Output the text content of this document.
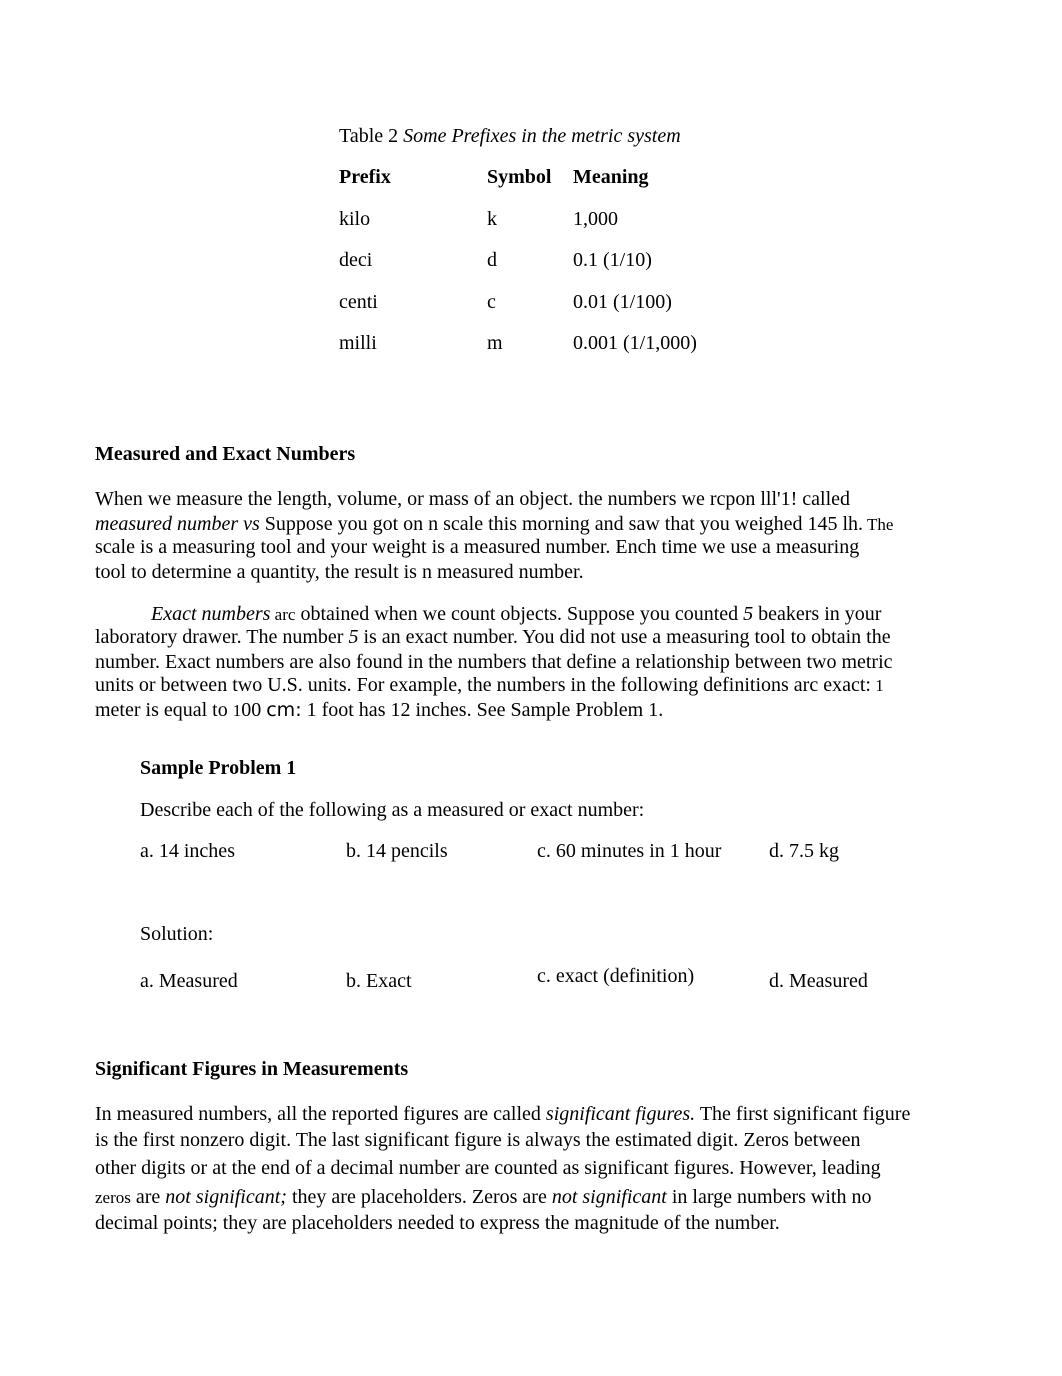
Table 2 Some Prefixes in the metric system
Prefix	Symbol Meaning
kilo	k	1,000
deci	d	0.1 (1/10)
centi	c	0.01 (1/100)
milli	m	0.001 (1/1,000)
Measured and Exact Numbers
When we measure the length, volume, or mass of an object. the numbers we rcpon lll'1! called
measured number vs Suppose you got on n scale this morning and saw that you weighed 145 lh. The
scale is a measuring tool and your weight is a measured number. Ench time we use a measuring
tool to determine a quantity, the result is n measured number.
Exact numbers arc obtained when we count objects. Suppose you counted 5 beakers in your
laboratory drawer. The number 5 is an exact number. You did not use a measuring tool to obtain the
number. Exact numbers are also found in the numbers that define a relationship between two metric
units or between two U.S. units. For example, the numbers in the following definitions arc exact: 1
meter is equal to 100 cm: 1 foot has 12 inches. See Sample Problem 1.
Sample Problem 1
Describe each of the following as a measured or exact number:
a. 14 inches	b. 14 pencils	c. 60 minutes in 1 hour d. 7.5 kg
Solution:
a. Measured	b. Exact	c. exact (definition)	d. Measured
Significant Figures in Measurements
In measured numbers, all the reported figures are called significant figures. The first significant figure
is the first nonzero digit. The last significant figure is always the estimated digit. Zeros between
other digits or at the end of a decimal number are counted as significant figures. However, leading
zeros are not significant; they are placeholders. Zeros are not significant in large numbers with no
decimal points; they are placeholders needed to express the magnitude of the number.
